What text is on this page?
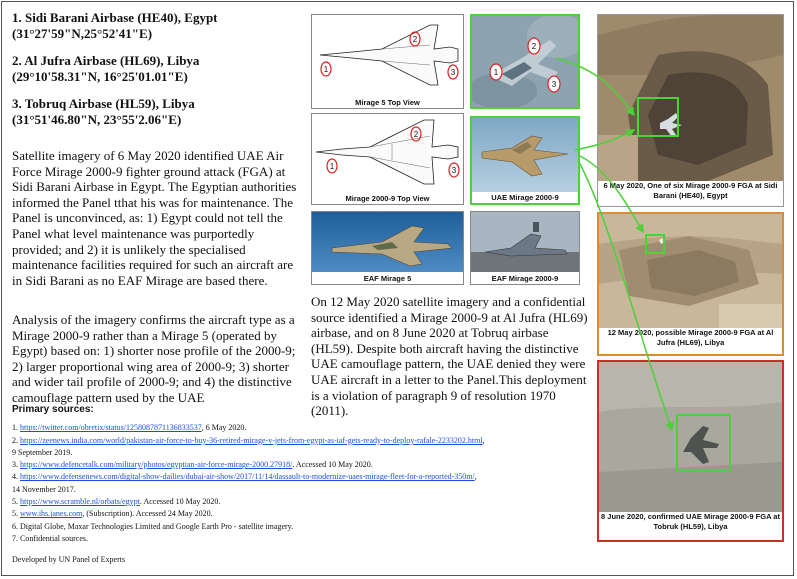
1. Sidi Barani Airbase (HE40), Egypt
(31°27'59"N,25°52'41"E)

2. Al Jufra Airbase (HL69), Libya
(29°10'58.31"N, 16°25'01.01"E)

3. Tobruq Airbase (HL59), Libya
(31°51'46.80"N, 23°55'2.06"E)

Satellite imagery of 6 May 2020 identified UAE Air Force Mirage 2000-9 fighter ground attack (FGA) at Sidi Barani Airbase in Egypt. The Egyptian authorities informed the Panel tthat his was for maintenance. The Panel is unconvinced, as: 1) Egypt could not tell the Panel what level maintenance was purportedly provided; and 2) it is unlikely the specialised maintenance facilities required for such an aircraft are in Sidi Barani as no EAF Mirage are based there.
Analysis of the imagery confirms the aircraft type as a Mirage 2000-9 rather than a Mirage 5 (operated by Egypt) based on: 1) shorter nose profile of the 2000-9; 2) larger proportional wing area of 2000-9; 3) shorter and wider tail profile of 2000-9; and 4) the distinctive camouflage pattern used by the UAE
On 12 May 2020 satellite imagery and a confidential source identified a Mirage 2000-9 at Al Jufra (HL69) airbase, and on 8 June 2020 at Tobruq airbase (HL59). Despite both aircraft having the distinctive UAE camouflage pattern, the UAE denied they were UAE aircraft in a letter to the Panel.This deployment is a violation of paragraph 9 of resolution 1970 (2011).
Primary sources:
1. https://twitter.com/obretix/status/1258087871136833537, 6 May 2020.
2. https://zeenews.india.com/world/pakistan-air-force-to-buy-36-retired-mirage-v-jets-from-egypt-as-iaf-gets-ready-to-deploy-rafale-2233202.html,
9 September 2019.
3. https://www.defencetalk.com/military/photos/egyptian-air-force-mirage-2000.27918/. Accessed 10 May 2020.
4. https://www.defensenews.com/digital-show-dailies/dubai-air-show/2017/11/14/dassault-to-modernize-uaes-mirage-fleet-for-a-reported-350m/,
14 November 2017.
5. https://www.scramble.nl/orbats/egypt. Accessed 10 May 2020.
5. www.ihs.janes.com, (Subscription). Accessed 24 May 2020.
6. Digital Globe, Maxar Technologies Limited and Google Earth Pro - satellite imagery.
7. Confidential sources.
Developed by UN Panel of Experts
1
2
3
Mirage 5 Top View
1
2
3
Mirage 2000-9 Top View
2
1
3
UAE Mirage 2000-9
EAF Mirage 5	EAF Mirage 2000-9
6 May 2020, One of six Mirage 2000-9 FGA at Sidi Barani (HE40), Egypt
12 May 2020, possible Mirage 2000-9 FGA at Al Jufra (HL69), Libya
8 June 2020, confirmed UAE Mirage 2000-9 FGA at Tobruk (HL59), Libya
